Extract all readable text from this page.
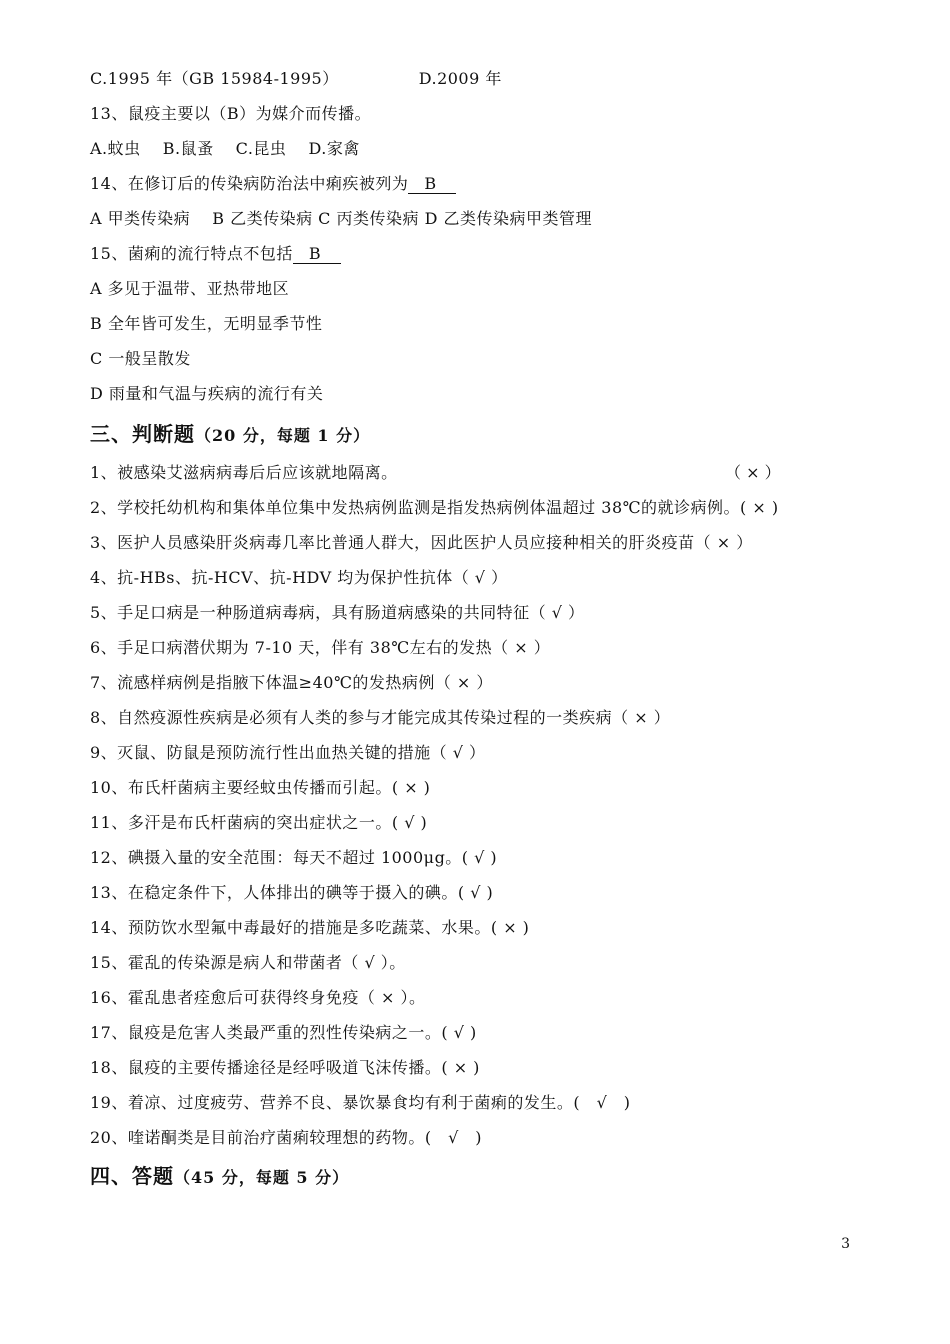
C.1995 年（GB 15984-1995）	D.2009 年
13、鼠疫主要以（B）为媒介而传播。
A.蚊虫　 B.鼠蚤　 C.昆虫　 D.家禽
14、在修订后的传染病防治法中痢疾被列为 B
A 甲类传染病　 B 乙类传染病 C 丙类传染病 D 乙类传染病甲类管理
15、菌痢的流行特点不包括 B
A 多见于温带、亚热带地区
B 全年皆可发生，无明显季节性
C 一般呈散发
D 雨量和气温与疾病的流行有关
三、判断题（20 分，每题 1 分）
1、被感染艾滋病病毒后后应该就地隔离。	（ × ）
2、学校托幼机构和集体单位集中发热病例监测是指发热病例体温超过 38℃的就诊病例。( × )
3、医护人员感染肝炎病毒几率比普通人群大，因此医护人员应接种相关的肝炎疫苗（ × ）
4、抗-HBs、抗-HCV、抗-HDV 均为保护性抗体（ √ ）
5、手足口病是一种肠道病毒病，具有肠道病感染的共同特征（ √ ）
6、手足口病潜伏期为 7-10 天，伴有 38℃左右的发热（ × ）
7、流感样病例是指腋下体温≥40℃的发热病例（ × ）
8、自然疫源性疾病是必须有人类的参与才能完成其传染过程的一类疾病（ × ）
9、灭鼠、防鼠是预防流行性出血热关键的措施（ √ ）
10、布氏杆菌病主要经蚊虫传播而引起。( × )
11、多汗是布氏杆菌病的突出症状之一。( √ )
12、碘摄入量的安全范围：每天不超过 1000μg。( √ )
13、在稳定条件下，人体排出的碘等于摄入的碘。( √ )
14、预防饮水型氟中毒最好的措施是多吃蔬菜、水果。( × )
15、霍乱的传染源是病人和带菌者（ √ ）。
16、霍乱患者痊愈后可获得终身免疫（ × ）。
17、鼠疫是危害人类最严重的烈性传染病之一。( √ )
18、鼠疫的主要传播途径是经呼吸道飞沫传播。( × )
19、着凉、过度疲劳、营养不良、暴饮暴食均有利于菌痢的发生。(　√　)
20、喹诺酮类是目前治疗菌痢较理想的药物。(　√　)
四、答题（45 分，每题 5 分）
3
